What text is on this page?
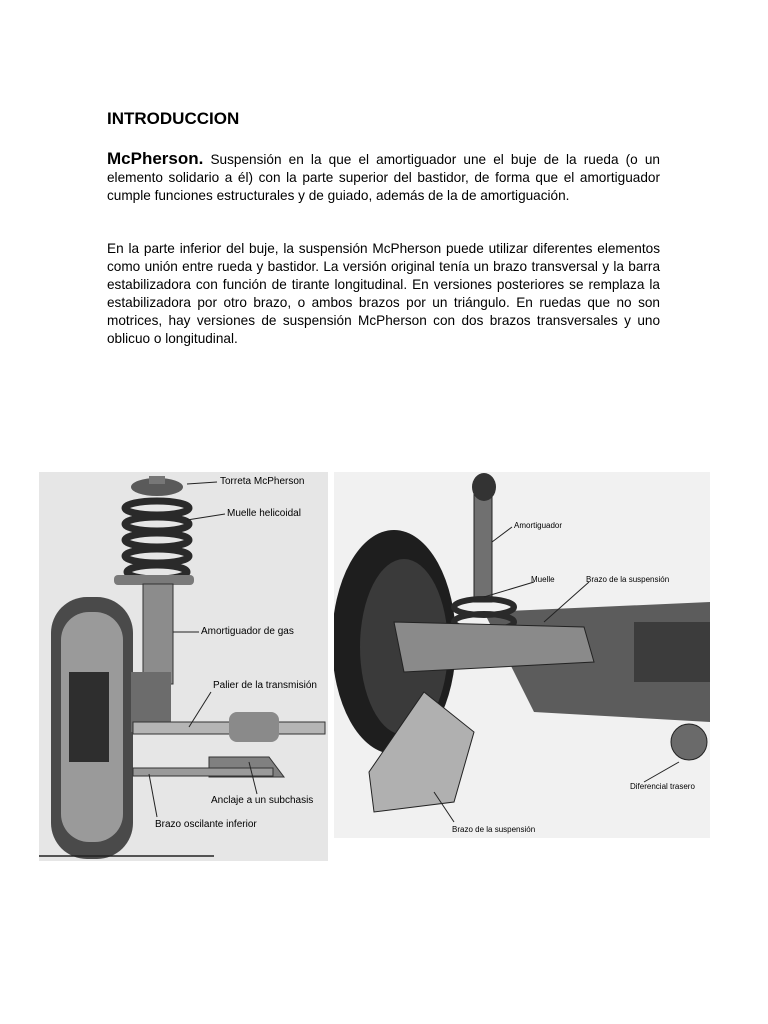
INTRODUCCION
McPherson. Suspensión en la que el amortiguador une el buje de la rueda (o un elemento solidario a él) con la parte superior del bastidor, de forma que el amortiguador cumple funciones estructurales y de guiado, además de la de amortiguación.
En la parte inferior del buje, la suspensión McPherson puede utilizar diferentes elementos como unión entre rueda y bastidor. La versión original tenía un brazo transversal y la barra estabilizadora con función de tirante longitudinal. En versiones posteriores se remplaza la estabilizadora por otro brazo, o ambos brazos por un triángulo. En ruedas que no son motrices, hay versiones de suspensión McPherson con dos brazos transversales y uno oblicuo o longitudinal.
Torreta McPherson
Muelle helicoidal
Amortiguador de gas
Palier de la transmisión
Anclaje a un subchasis
Brazo oscilante inferior
Amortiguador
Muelle	Brazo de la suspensión
Diferencial trasero
Brazo de la suspensión
